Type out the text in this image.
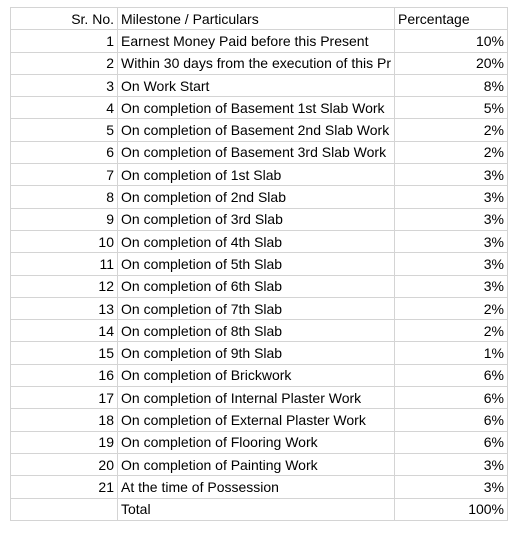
Sr. No.	Milestone / Particulars	Percentage
1	Earnest Money Paid before this Present	10%
2	Within 30 days from the execution of this Pr	20%
3	On Work Start	8%
4	On completion of Basement 1st Slab Work	5%
5	On completion of Basement 2nd Slab Work	2%
6	On completion of Basement 3rd Slab Work	2%
7	On completion of 1st Slab	3%
8	On completion of 2nd Slab	3%
9	On completion of 3rd Slab	3%
10	On completion of 4th Slab	3%
11	On completion of 5th Slab	3%
12	On completion of 6th Slab	3%
13	On completion of 7th Slab	2%
14	On completion of 8th Slab	2%
15	On completion of 9th Slab	1%
16	On completion of Brickwork	6%
17	On completion of Internal Plaster Work	6%
18	On completion of External Plaster Work	6%
19	On completion of Flooring Work	6%
20	On completion of Painting Work	3%
21	At the time of Possession	3%
	Total	100%
